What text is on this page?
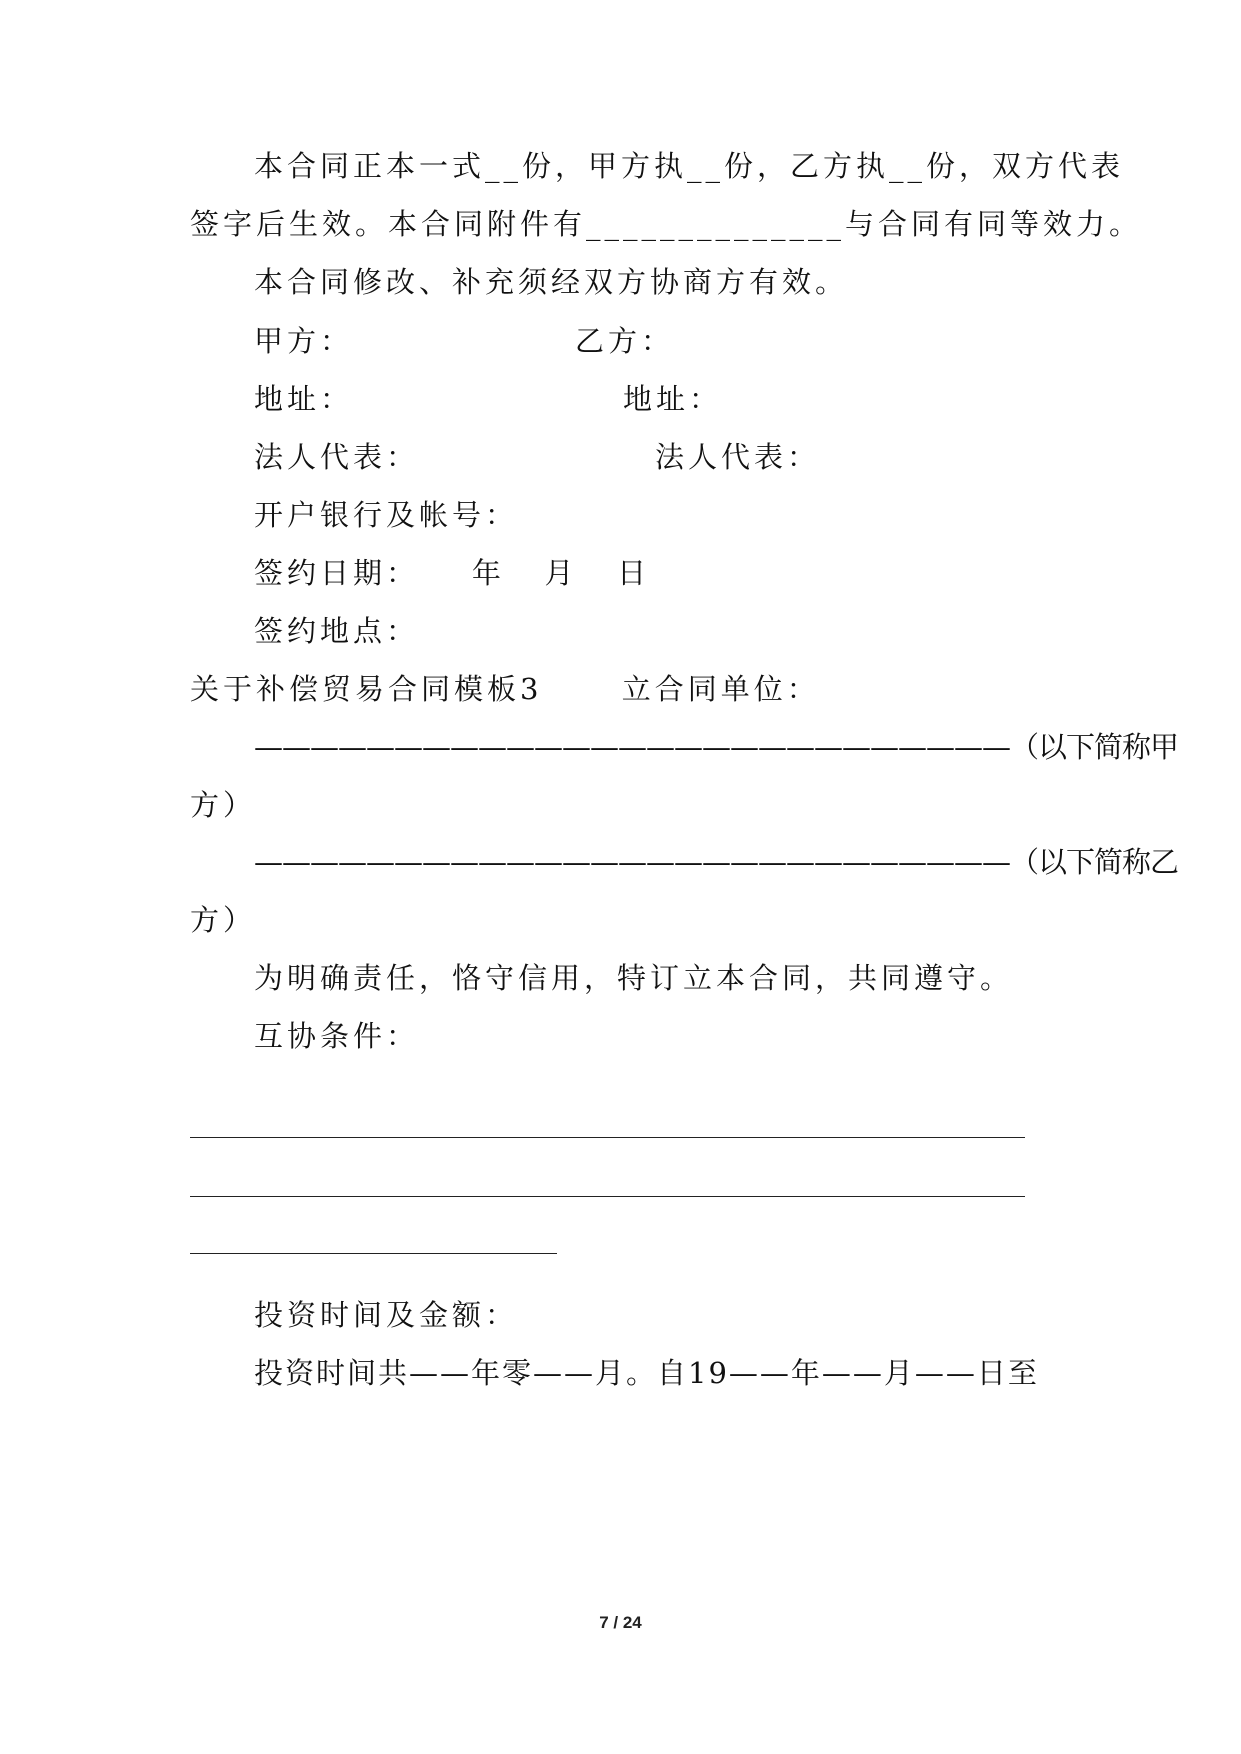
本合同正本一式__份，甲方执__份，乙方执__份，双方代表
签字后生效。本合同附件有______________与合同有同等效力。
本合同修改、补充须经双方协商方有效。
甲方：	乙方：
地址：	地址：
法人代表：	法人代表：
开户银行及帐号：
签约日期：    年   月   日
签约地点：
关于补偿贸易合同模板3      立合同单位：
———————————————————————————（以下简称甲
方）
———————————————————————————（以下简称乙
方）
为明确责任，恪守信用，特订立本合同，共同遵守。
互协条件：
投资时间及金额：
投资时间共——年零——月。自19——年——月——日至
7 / 24
